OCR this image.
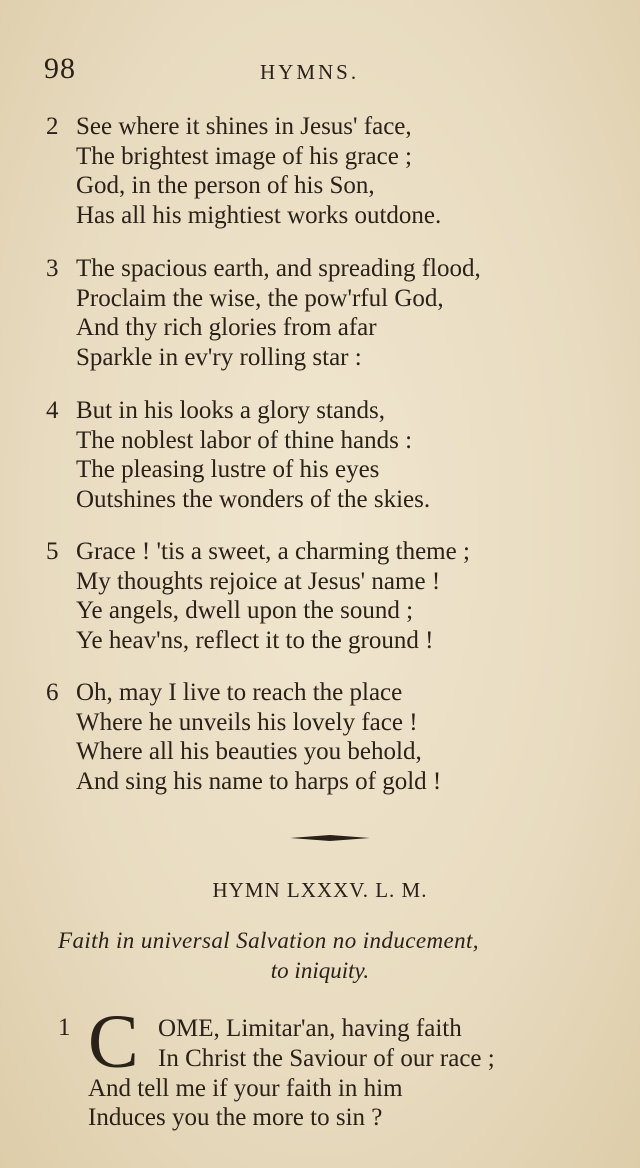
98	HYMNS.
2 See where it shines in Jesus' face,
The brightest image of his grace ;
God, in the person of his Son,
Has all his mightiest works outdone.
3 The spacious earth, and spreading flood,
Proclaim the wise, the pow'rful God,
And thy rich glories from afar
Sparkle in ev'ry rolling star :
4 But in his looks a glory stands,
The noblest labor of thine hands :
The pleasing lustre of his eyes
Outshines the wonders of the skies.
5 Grace ! 'tis a sweet, a charming theme ;
My thoughts rejoice at Jesus' name !
Ye angels, dwell upon the sound ;
Ye heav'ns, reflect it to the ground !
6 Oh, may I live to reach the place
Where he unveils his lovely face !
Where all his beauties you behold,
And sing his name to harps of gold !
HYMN LXXXV. L. M.
Faith in universal Salvation no inducement,
to iniquity.
1 C OME, Limitar'an, having faith
In Christ the Saviour of our race ;
And tell me if your faith in him
Induces you the more to sin ?
